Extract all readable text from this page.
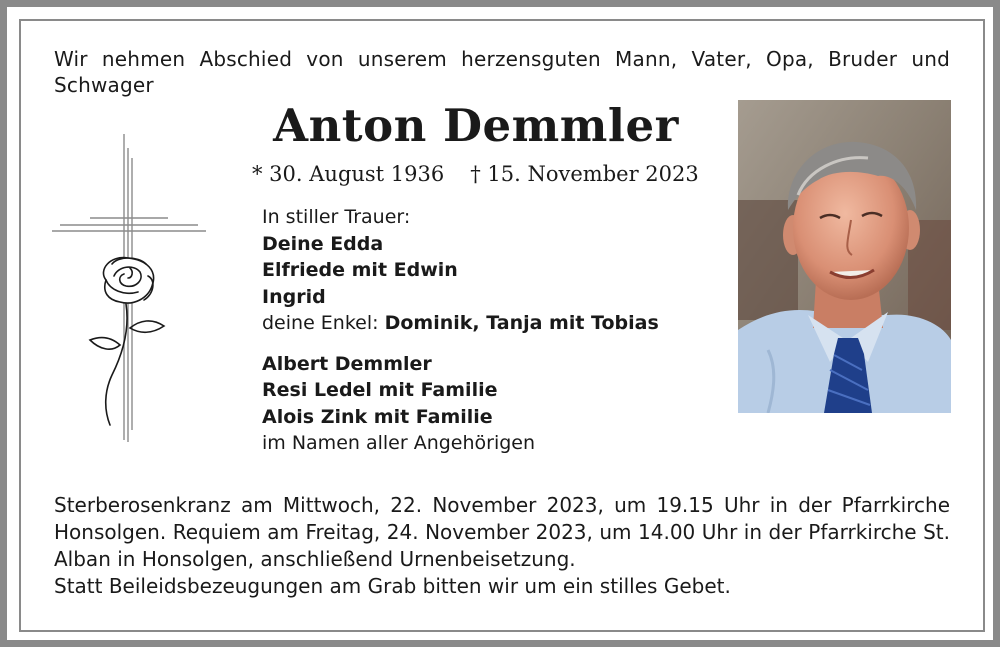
Wir nehmen Abschied von unserem herzensguten Mann, Vater, Opa, Bruder und Schwager
Anton Demmler
* 30. August 1936 † 15. November 2023
In stiller Trauer:
Deine Edda
Elfriede mit Edwin
Ingrid
deine Enkel: Dominik, Tanja mit Tobias
Albert Demmler
Resi Ledel mit Familie
Alois Zink mit Familie
im Namen aller Angehörigen

Sterberosenkranz am Mittwoch, 22. November 2023, um 19.15 Uhr in der Pfarrkirche Honsolgen. Requiem am Freitag, 24. November 2023, um 14.00 Uhr in der Pfarrkirche St. Alban in Honsolgen, anschließend Urnenbeisetzung.

Statt Beileidsbezeugungen am Grab bitten wir um ein stilles Gebet.
